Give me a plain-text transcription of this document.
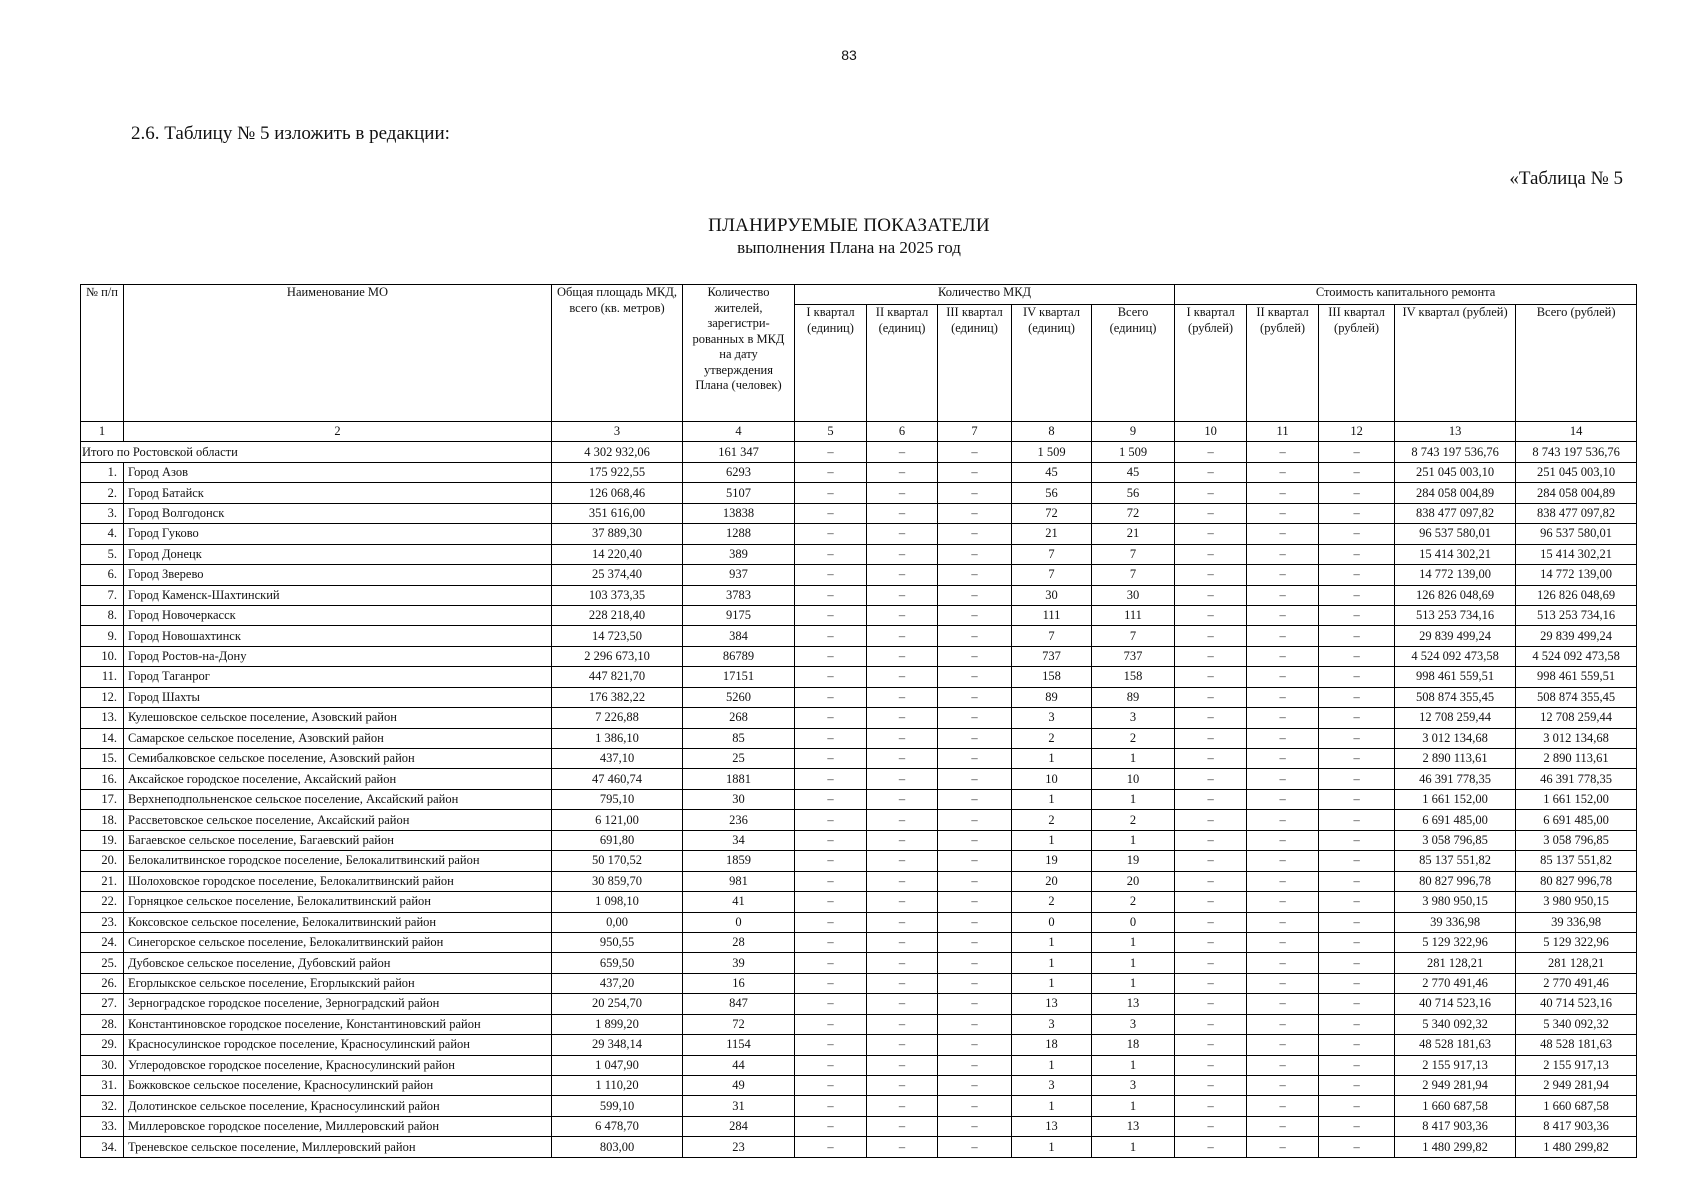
83
2.6. Таблицу № 5 изложить в редакции:
«Таблица № 5
ПЛАНИРУЕМЫЕ ПОКАЗАТЕЛИ
выполнения Плана на 2025 год
№ п/п	Наименование МО	Общая площадь МКД, всего (кв. метров)	Количество жителей, зарегистри-рованных в МКД на дату утверждения Плана (человек)	Количество МКД					Стоимость капитального ремонта				
				I квартал (единиц)	II квартал (единиц)	III квартал (единиц)	IV квартал (единиц)	Всего (единиц)	I квартал (рублей)	II квартал (рублей)	III квартал (рублей)	IV квартал (рублей)	Всего (рублей)
1	2	3	4	5	6	7	8	9	10	11	12	13	14
Итого по Ростовской области		4 302 932,06	161 347	–	–	–	1 509	1 509	–	–	–	8 743 197 536,76	8 743 197 536,76
1.	Город Азов	175 922,55	6293	–	–	–	45	45	–	–	–	251 045 003,10	251 045 003,10
2.	Город Батайск	126 068,46	5107	–	–	–	56	56	–	–	–	284 058 004,89	284 058 004,89
3.	Город Волгодонск	351 616,00	13838	–	–	–	72	72	–	–	–	838 477 097,82	838 477 097,82
4.	Город Гуково	37 889,30	1288	–	–	–	21	21	–	–	–	96 537 580,01	96 537 580,01
5.	Город Донецк	14 220,40	389	–	–	–	7	7	–	–	–	15 414 302,21	15 414 302,21
6.	Город Зверево	25 374,40	937	–	–	–	7	7	–	–	–	14 772 139,00	14 772 139,00
7.	Город Каменск-Шахтинский	103 373,35	3783	–	–	–	30	30	–	–	–	126 826 048,69	126 826 048,69
8.	Город Новочеркасск	228 218,40	9175	–	–	–	111	111	–	–	–	513 253 734,16	513 253 734,16
9.	Город Новошахтинск	14 723,50	384	–	–	–	7	7	–	–	–	29 839 499,24	29 839 499,24
10.	Город Ростов-на-Дону	2 296 673,10	86789	–	–	–	737	737	–	–	–	4 524 092 473,58	4 524 092 473,58
11.	Город Таганрог	447 821,70	17151	–	–	–	158	158	–	–	–	998 461 559,51	998 461 559,51
12.	Город Шахты	176 382,22	5260	–	–	–	89	89	–	–	–	508 874 355,45	508 874 355,45
13.	Кулешовское сельское поселение, Азовский район	7 226,88	268	–	–	–	3	3	–	–	–	12 708 259,44	12 708 259,44
14.	Самарское сельское поселение, Азовский район	1 386,10	85	–	–	–	2	2	–	–	–	3 012 134,68	3 012 134,68
15.	Семибалковское сельское поселение, Азовский район	437,10	25	–	–	–	1	1	–	–	–	2 890 113,61	2 890 113,61
16.	Аксайское городское поселение, Аксайский район	47 460,74	1881	–	–	–	10	10	–	–	–	46 391 778,35	46 391 778,35
17.	Верхнеподпольненское сельское поселение, Аксайский район	795,10	30	–	–	–	1	1	–	–	–	1 661 152,00	1 661 152,00
18.	Рассветовское сельское поселение, Аксайский район	6 121,00	236	–	–	–	2	2	–	–	–	6 691 485,00	6 691 485,00
19.	Багаевское сельское поселение, Багаевский район	691,80	34	–	–	–	1	1	–	–	–	3 058 796,85	3 058 796,85
20.	Белокалитвинское городское поселение, Белокалитвинский район	50 170,52	1859	–	–	–	19	19	–	–	–	85 137 551,82	85 137 551,82
21.	Шолоховское городское поселение, Белокалитвинский район	30 859,70	981	–	–	–	20	20	–	–	–	80 827 996,78	80 827 996,78
22.	Горняцкое сельское поселение, Белокалитвинский район	1 098,10	41	–	–	–	2	2	–	–	–	3 980 950,15	3 980 950,15
23.	Коксовское сельское поселение, Белокалитвинский район	0,00	0	–	–	–	0	0	–	–	–	39 336,98	39 336,98
24.	Синегорское сельское поселение, Белокалитвинский район	950,55	28	–	–	–	1	1	–	–	–	5 129 322,96	5 129 322,96
25.	Дубовское сельское поселение, Дубовский район	659,50	39	–	–	–	1	1	–	–	–	281 128,21	281 128,21
26.	Егорлыкское сельское поселение, Егорлыкский район	437,20	16	–	–	–	1	1	–	–	–	2 770 491,46	2 770 491,46
27.	Зерноградское городское поселение, Зерноградский район	20 254,70	847	–	–	–	13	13	–	–	–	40 714 523,16	40 714 523,16
28.	Константиновское городское поселение, Константиновский район	1 899,20	72	–	–	–	3	3	–	–	–	5 340 092,32	5 340 092,32
29.	Красносулинское городское поселение, Красносулинский район	29 348,14	1154	–	–	–	18	18	–	–	–	48 528 181,63	48 528 181,63
30.	Углеродовское городское поселение, Красносулинский район	1 047,90	44	–	–	–	1	1	–	–	–	2 155 917,13	2 155 917,13
31.	Божковское сельское поселение, Красносулинский район	1 110,20	49	–	–	–	3	3	–	–	–	2 949 281,94	2 949 281,94
32.	Долотинское сельское поселение, Красносулинский район	599,10	31	–	–	–	1	1	–	–	–	1 660 687,58	1 660 687,58
33.	Миллеровское городское поселение, Миллеровский район	6 478,70	284	–	–	–	13	13	–	–	–	8 417 903,36	8 417 903,36
34.	Треневское сельское поселение, Миллеровский район	803,00	23	–	–	–	1	1	–	–	–	1 480 299,82	1 480 299,82
